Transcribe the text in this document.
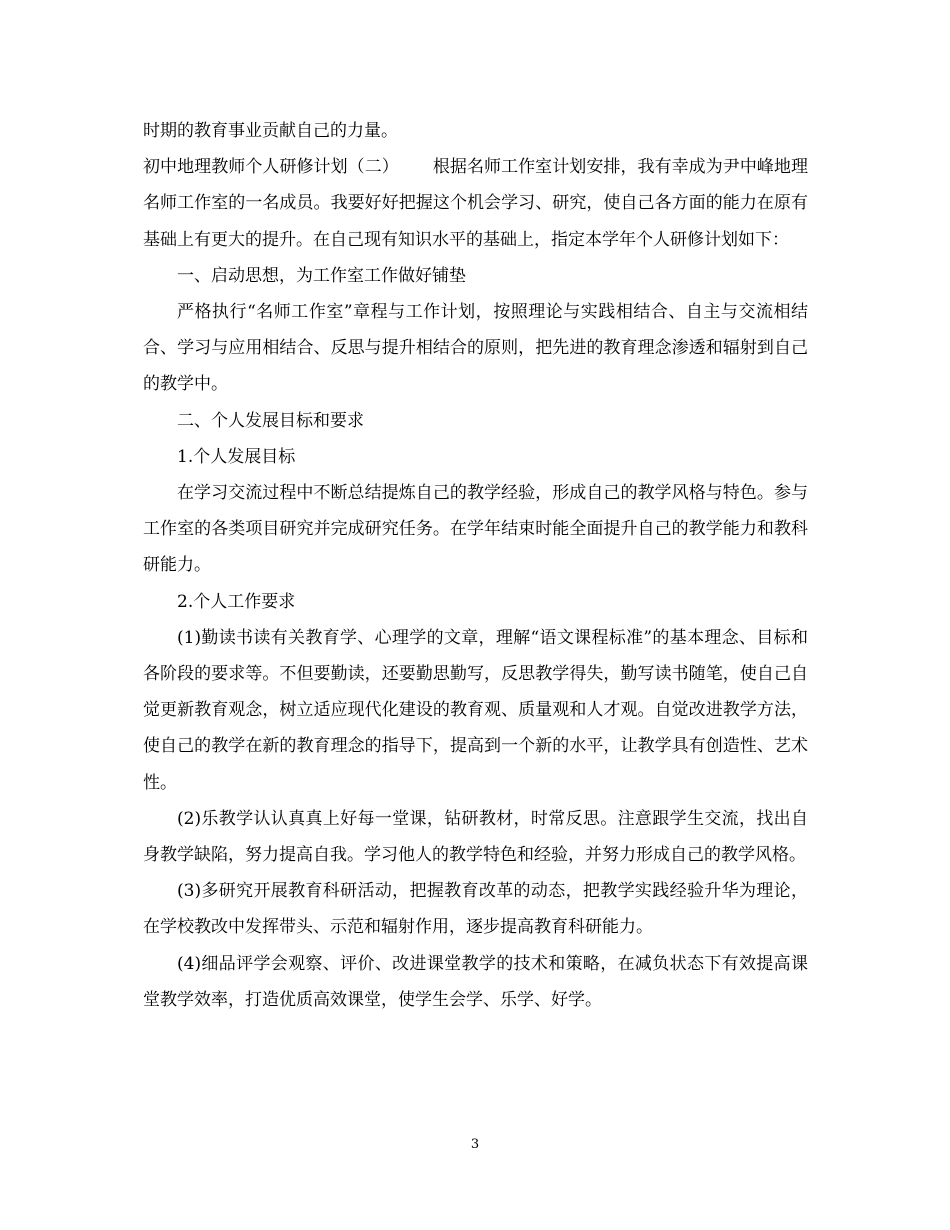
时期的教育事业贡献自己的力量。

初中地理教师个人研修计划（二） 根据名师工作室计划安排，我有幸成为尹中峰地理名师工作室的一名成员。我要好好把握这个机会学习、研究，使自己各方面的能力在原有基础上有更大的提升。在自己现有知识水平的基础上，指定本学年个人研修计划如下：

一、启动思想，为工作室工作做好铺垫

严格执行“名师工作室”章程与工作计划，按照理论与实践相结合、自主与交流相结合、学习与应用相结合、反思与提升相结合的原则，把先进的教育理念渗透和辐射到自己的教学中。

二、个人发展目标和要求

1.个人发展目标

在学习交流过程中不断总结提炼自己的教学经验，形成自己的教学风格与特色。参与工作室的各类项目研究并完成研究任务。在学年结束时能全面提升自己的教学能力和教科研能力。

2.个人工作要求

(1)勤读书读有关教育学、心理学的文章，理解“语文课程标准”的基本理念、目标和各阶段的要求等。不但要勤读，还要勤思勤写，反思教学得失，勤写读书随笔，使自己自觉更新教育观念，树立适应现代化建设的教育观、质量观和人才观。自觉改进教学方法，使自己的教学在新的教育理念的指导下，提高到一个新的水平，让教学具有创造性、艺术性。

(2)乐教学认认真真上好每一堂课，钻研教材，时常反思。注意跟学生交流，找出自身教学缺陷，努力提高自我。学习他人的教学特色和经验，并努力形成自己的教学风格。

(3)多研究开展教育科研活动，把握教育改革的动态，把教学实践经验升华为理论，在学校教改中发挥带头、示范和辐射作用，逐步提高教育科研能力。

(4)细品评学会观察、评价、改进课堂教学的技术和策略，在减负状态下有效提高课堂教学效率，打造优质高效课堂，使学生会学、乐学、好学。

3
